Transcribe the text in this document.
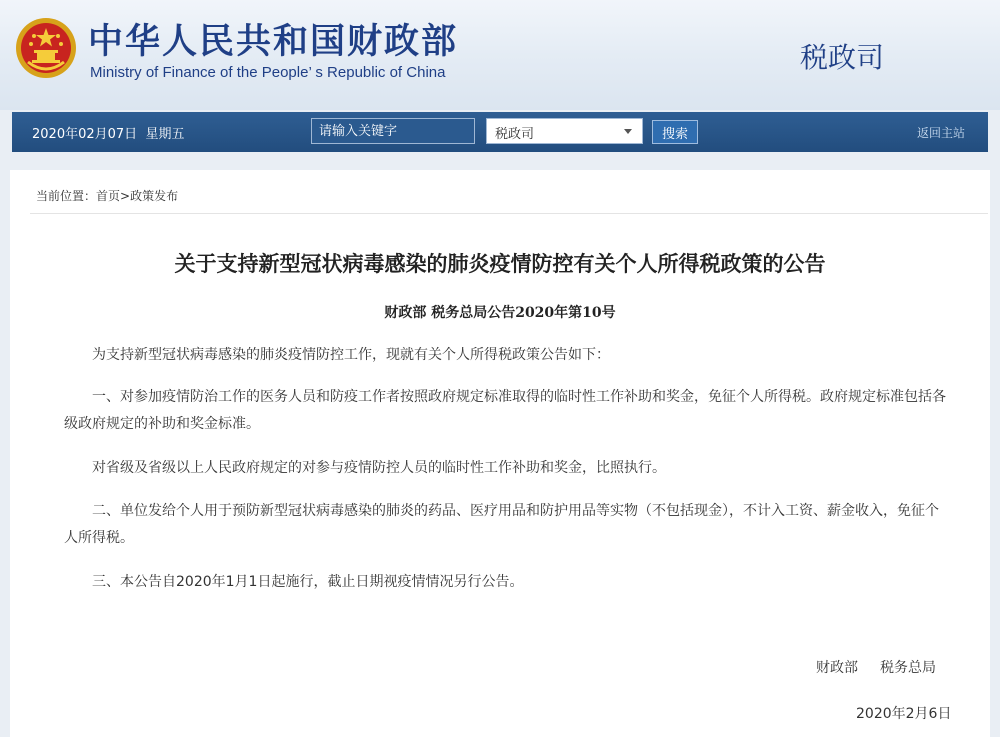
中华人民共和国财政部
Ministry of Finance of the People’ s Republic of China	税政司
2020年02月07日 星期五
请输入关键字	税政司	搜索	返回主站
当前位置：首页>政策发布
关于支持新型冠状病毒感染的肺炎疫情防控有关个人所得税政策的公告
财政部 税务总局公告2020年第10号

为支持新型冠状病毒感染的肺炎疫情防控工作，现就有关个人所得税政策公告如下：

一、对参加疫情防治工作的医务人员和防疫工作者按照政府规定标准取得的临时性工作补助和奖金，免征个人所得税。政府规定标准包括各级政府规定的补助和奖金标准。

对省级及省级以上人民政府规定的对参与疫情防控人员的临时性工作补助和奖金，比照执行。

二、单位发给个人用于预防新型冠状病毒感染的肺炎的药品、医疗用品和防护用品等实物（不包括现金），不计入工资、薪金收入，免征个人所得税。

三、本公告自2020年1月1日起施行，截止日期视疫情情况另行公告。

财政部 税务总局
2020年2月6日
